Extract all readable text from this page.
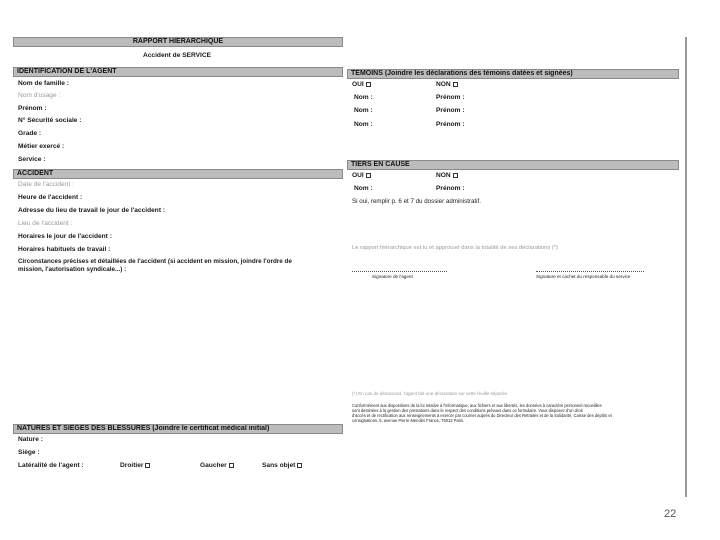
RAPPORT HIERARCHIQUE
Accident de SERVICE
IDENTIFICATION DE L'AGENT
Nom de famille :
Nom d'usage :
Prénom :
N° Sécurité sociale :
Grade :
Métier exercé :
Service :
ACCIDENT
Date de l'accident :
Heure de l'accident :
Adresse du lieu de travail le jour de l'accident :
Lieu de l'accident :
Horaires le jour de l'accident :
Horaires habituels de travail :
Circonstances précises et détaillées de l'accident (si accident en mission, joindre l'ordre de
mission, l'autorisation syndicale...) :
NATURES ET SIEGES DES BLESSURES (Joindre le certificat médical initial)
Nature :
Siège :
Latéralité de l'agent :	Droitier	Gaucher	Sans objet
TEMOINS (Joindre les déclarations des témoins datées et signées)
OUI	NON
Nom :	Prénom :
Nom :	Prénom :
Nom :	Prénom :
TIERS EN CAUSE
OUI	NON
Nom :	Prénom :
Si oui, remplir p. 6 et 7 du dossier administratif.
Le rapport hiérarchique est lu et approuvé dans la totalité de ses déclarations (*)
Signature de l'agent	Signature et cachet du responsable du service
(*) En cas de désaccord, l'agent fait une déclaration sur cette feuille séparée
Conformément aux dispositions de la loi relative à l'informatique, aux fichiers et aux libertés, les données à caractère personnel recueillies
sont destinées à la gestion des prestations dans le respect des conditions prévues dans ce formulaire. Vous disposez d'un droit
d'accès et de rectification aux renseignements à exercer par courrier auprès du Directeur des Retraites et de la Solidarité, Caisse des dépôts et
consignations, 5, avenue Pierre Mendès France, 75013 Paris.
22
